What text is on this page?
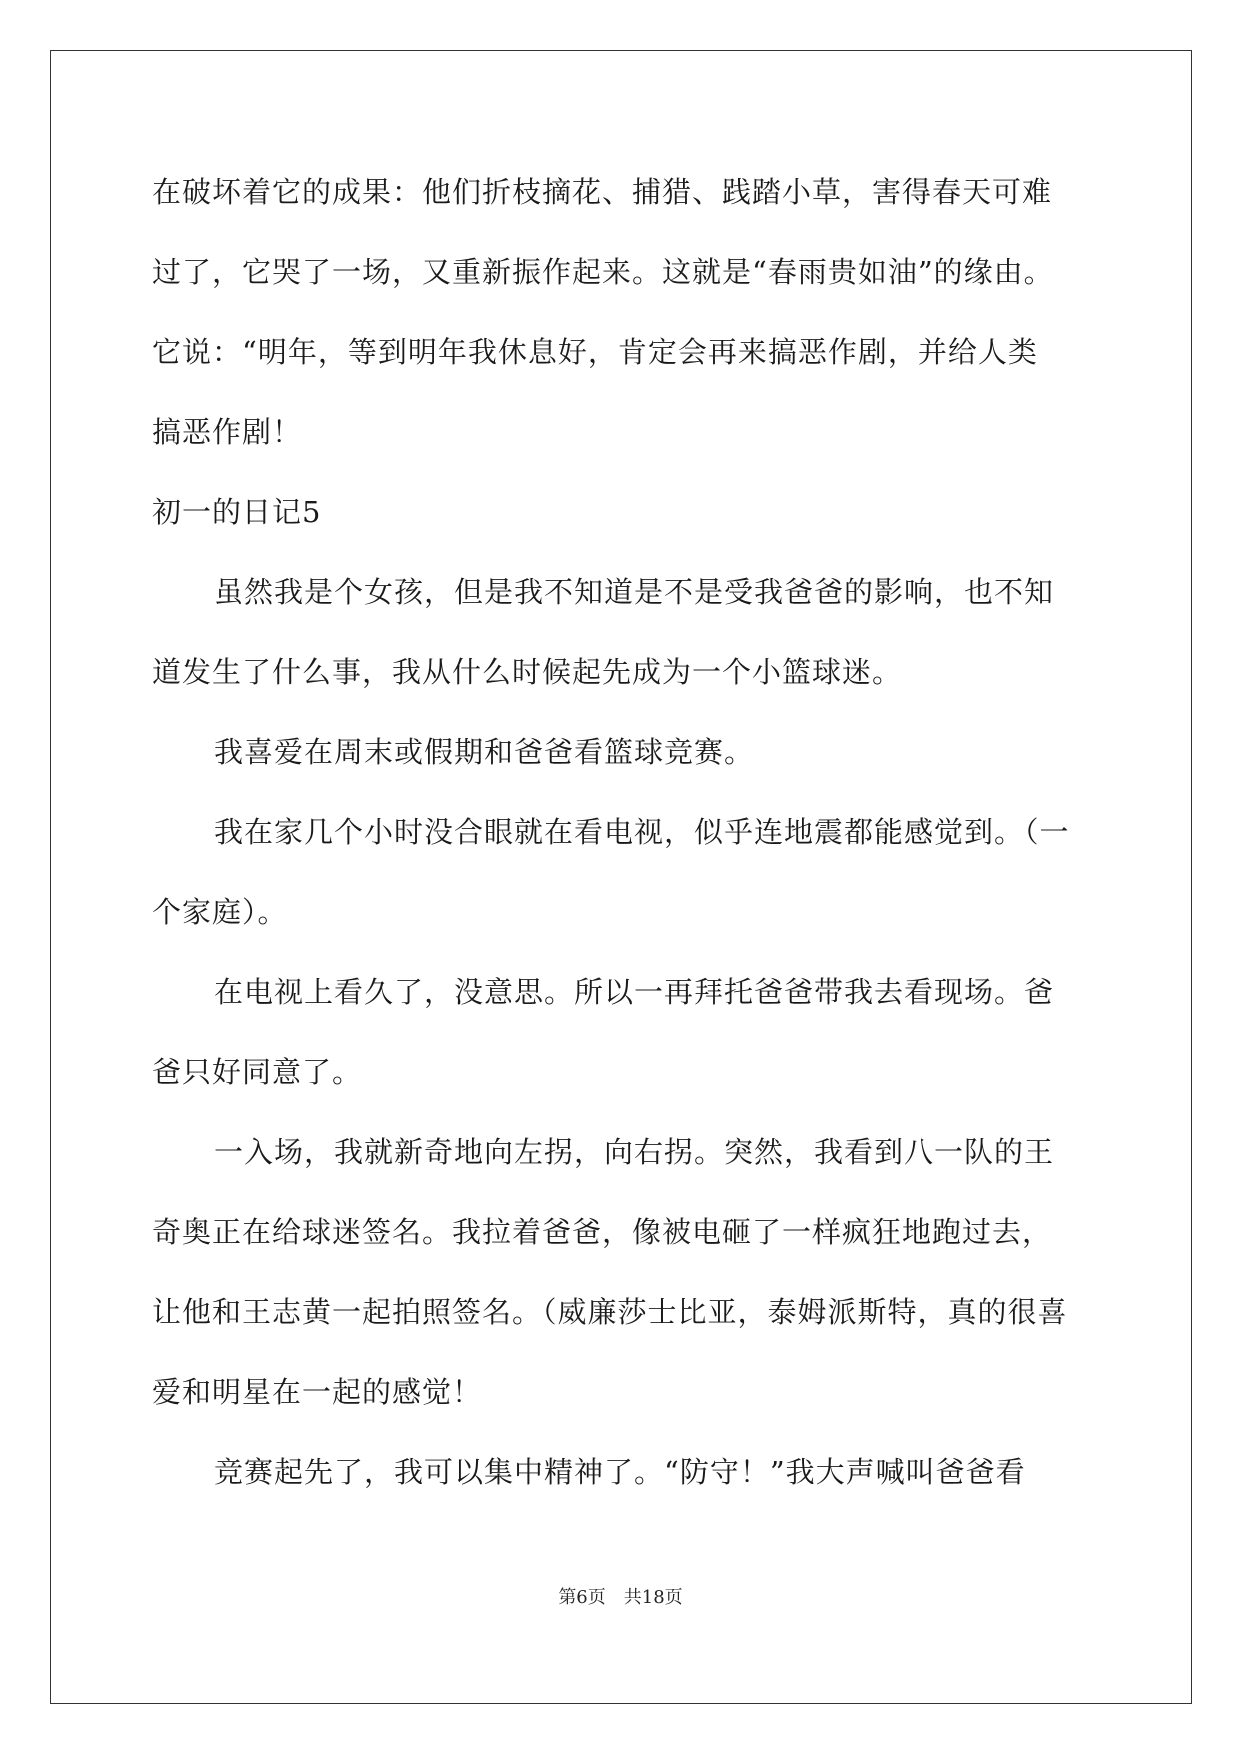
在破坏着它的成果：他们折枝摘花、捕猎、践踏小草，害得春天可难
过了，它哭了一场，又重新振作起来。这就是“春雨贵如油”的缘由。
它说：“明年，等到明年我休息好，肯定会再来搞恶作剧，并给人类
搞恶作剧！
初一的日记5
虽然我是个女孩，但是我不知道是不是受我爸爸的影响，也不知
道发生了什么事，我从什么时候起先成为一个小篮球迷。
我喜爱在周末或假期和爸爸看篮球竞赛。
我在家几个小时没合眼就在看电视，似乎连地震都能感觉到。（一
个家庭）。
在电视上看久了，没意思。所以一再拜托爸爸带我去看现场。爸
爸只好同意了。
一入场，我就新奇地向左拐，向右拐。突然，我看到八一队的王
奇奥正在给球迷签名。我拉着爸爸，像被电砸了一样疯狂地跑过去，
让他和王志黄一起拍照签名。（威廉莎士比亚，泰姆派斯特，真的很喜
爱和明星在一起的感觉！
竞赛起先了，我可以集中精神了。“防守！”我大声喊叫爸爸看
第6页　共18页
